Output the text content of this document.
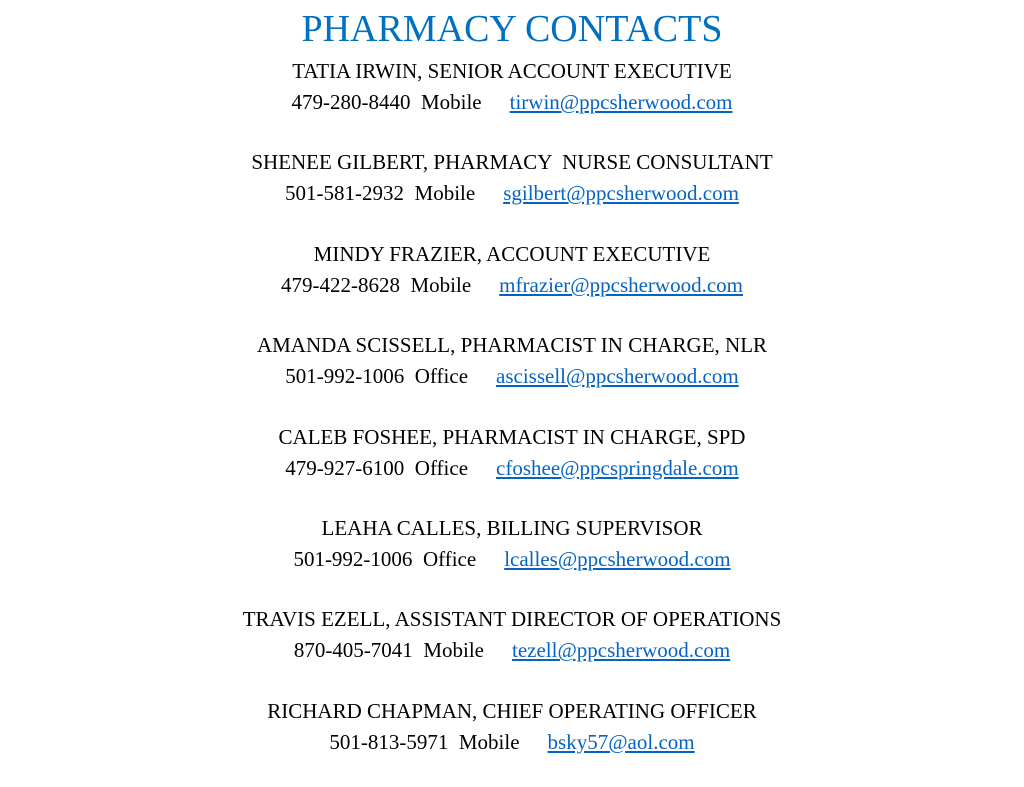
PHARMACY CONTACTS
TATIA IRWIN, SENIOR ACCOUNT EXECUTIVE
479-280-8440 Mobile tirwin@ppcsherwood.com
SHENEE GILBERT, PHARMACY  NURSE CONSULTANT
501-581-2932 Mobile sgilbert@ppcsherwood.com
MINDY FRAZIER, ACCOUNT EXECUTIVE
479-422-8628 Mobile mfrazier@ppcsherwood.com
AMANDA SCISSELL, PHARMACIST IN CHARGE, NLR
501-992-1006 Office ascissell@ppcsherwood.com
CALEB FOSHEE, PHARMACIST IN CHARGE, SPD
479-927-6100 Office cfoshee@ppcspringdale.com
LEAHA CALLES, BILLING SUPERVISOR
501-992-1006 Office lcalles@ppcsherwood.com
TRAVIS EZELL, ASSISTANT DIRECTOR OF OPERATIONS
870-405-7041 Mobile tezell@ppcsherwood.com
RICHARD CHAPMAN, CHIEF OPERATING OFFICER
501-813-5971 Mobile bsky57@aol.com
